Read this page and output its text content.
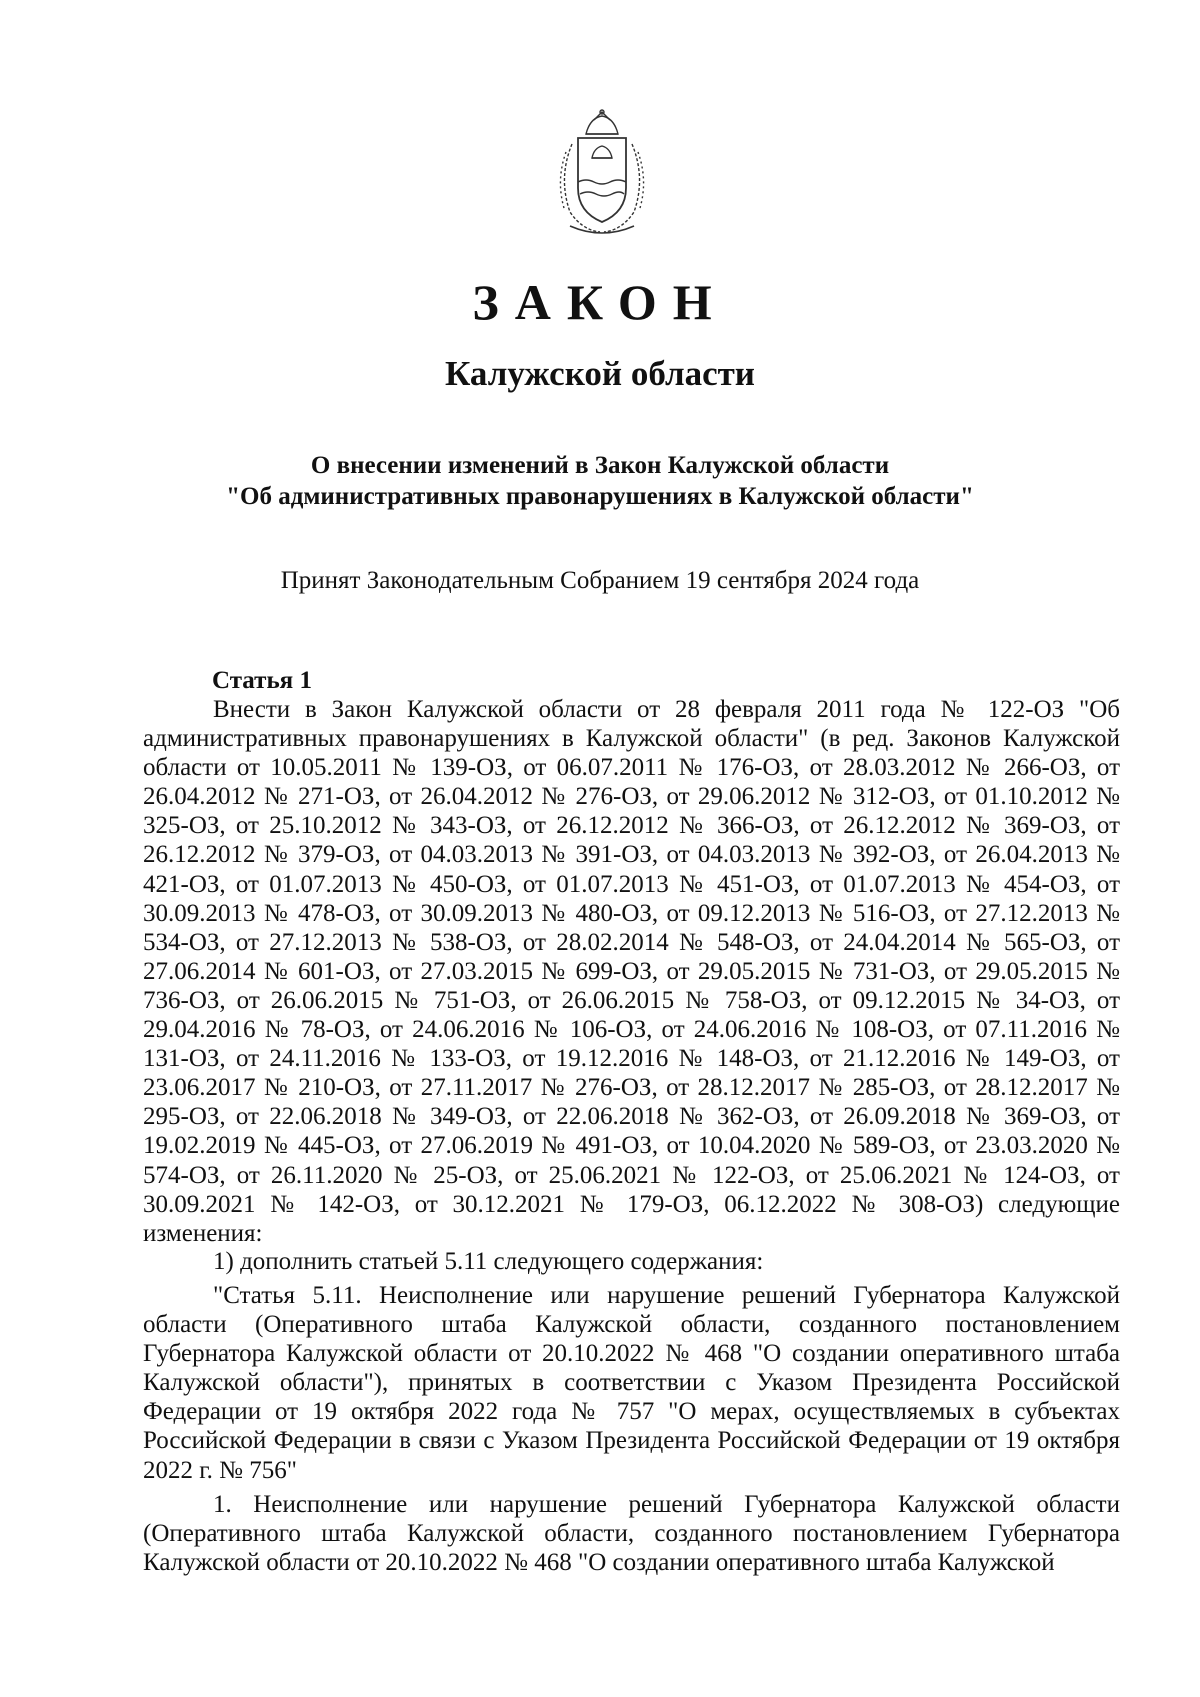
ЗАКОН
Калужской области
О внесении изменений в Закон Калужской области
"Об административных правонарушениях в Калужской области"
Принят Законодательным Собранием 19 сентября 2024 года
Статья 1

Внести в Закон Калужской области от 28 февраля 2011 года № 122-ОЗ "Об административных правонарушениях в Калужской области" (в ред. Законов Калужской области от 10.05.2011 № 139-ОЗ, от 06.07.2011 № 176-ОЗ, от 28.03.2012 № 266-ОЗ, от 26.04.2012 № 271-ОЗ, от 26.04.2012 № 276-ОЗ, от 29.06.2012 № 312-ОЗ, от 01.10.2012 № 325-ОЗ, от 25.10.2012 № 343-ОЗ, от 26.12.2012 № 366-ОЗ, от 26.12.2012 № 369-ОЗ, от 26.12.2012 № 379-ОЗ, от 04.03.2013 № 391-ОЗ, от 04.03.2013 № 392-ОЗ, от 26.04.2013 № 421-ОЗ, от 01.07.2013 № 450-ОЗ, от 01.07.2013 № 451-ОЗ, от 01.07.2013 № 454-ОЗ, от 30.09.2013 № 478-ОЗ, от 30.09.2013 № 480-ОЗ, от 09.12.2013 № 516-ОЗ, от 27.12.2013 № 534-ОЗ, от 27.12.2013 № 538-ОЗ, от 28.02.2014 № 548-ОЗ, от 24.04.2014 № 565-ОЗ, от 27.06.2014 № 601-ОЗ, от 27.03.2015 № 699-ОЗ, от 29.05.2015 № 731-ОЗ, от 29.05.2015 № 736-ОЗ, от 26.06.2015 № 751-ОЗ, от 26.06.2015 № 758-ОЗ, от 09.12.2015 № 34-ОЗ, от 29.04.2016 № 78-ОЗ, от 24.06.2016 № 106-ОЗ, от 24.06.2016 № 108-ОЗ, от 07.11.2016 № 131-ОЗ, от 24.11.2016 № 133-ОЗ, от 19.12.2016 № 148-ОЗ, от 21.12.2016 № 149-ОЗ, от 23.06.2017 № 210-ОЗ, от 27.11.2017 № 276-ОЗ, от 28.12.2017 № 285-ОЗ, от 28.12.2017 № 295-ОЗ, от 22.06.2018 № 349-ОЗ, от 22.06.2018 № 362-ОЗ, от 26.09.2018 № 369-ОЗ, от 19.02.2019 № 445-ОЗ, от 27.06.2019 № 491-ОЗ, от 10.04.2020 № 589-ОЗ, от 23.03.2020 № 574-ОЗ, от 26.11.2020 № 25-ОЗ, от 25.06.2021 № 122-ОЗ, от 25.06.2021 № 124-ОЗ, от 30.09.2021 № 142-ОЗ, от 30.12.2021 № 179-ОЗ, 06.12.2022 № 308-ОЗ) следующие изменения:

1) дополнить статьей 5.11 следующего содержания:

"Статья 5.11. Неисполнение или нарушение решений Губернатора Калужской области (Оперативного штаба Калужской области, созданного постановлением Губернатора Калужской области от 20.10.2022 № 468 "О создании оперативного штаба Калужской области"), принятых в соответствии с Указом Президента Российской Федерации от 19 октября 2022 года № 757 "О мерах, осуществляемых в субъектах Российской Федерации в связи с Указом Президента Российской Федерации от 19 октября 2022 г. № 756"

1. Неисполнение или нарушение решений Губернатора Калужской области (Оперативного штаба Калужской области, созданного постановлением Губернатора Калужской области от 20.10.2022 № 468 "О создании оперативного штаба Калужской
